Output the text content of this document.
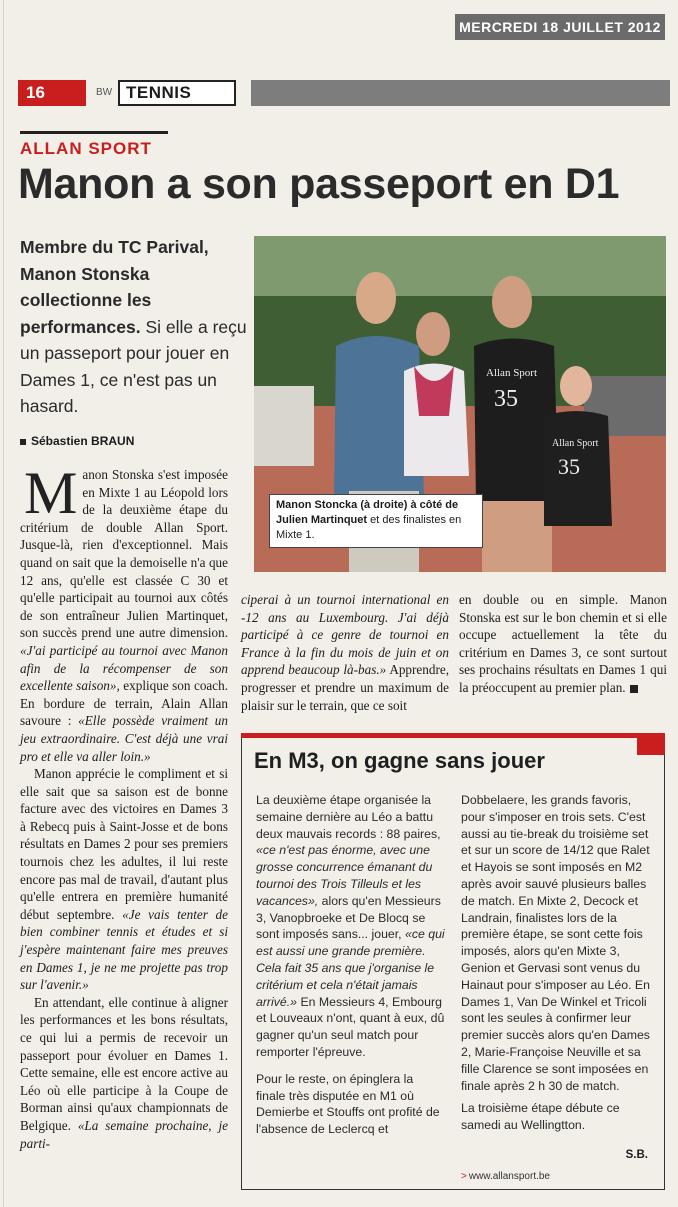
MERCREDI 18 JUILLET 2012
16	BW TENNIS
ALLAN SPORT
Manon a son passeport en D1
Membre du TC Parival, Manon Stonska collectionne les performances. Si elle a reçu un passeport pour jouer en Dames 1, ce n'est pas un hasard.
Sébastien BRAUN
Allan Sport
35
Allan Sport
35
Manon Stoncka (à droite) à côté de Julien Martinquet et des finalistes en Mixte 1.

Manon Stonska s'est imposée en Mixte 1 au Léopold lors de la deuxième étape du critérium de double Allan Sport. Jusque-là, rien d'exceptionnel. Mais quand on sait que la demoiselle n'a que 12 ans, qu'elle est classée C 30 et qu'elle participait au tournoi aux côtés de son entraîneur Julien Martinquet, son succès prend une autre dimension. «J'ai participé au tournoi avec Manon afin de la récompenser de son excellente saison», explique son coach. En bordure de terrain, Alain Allan savoure : «Elle possède vraiment un jeu extraordinaire. C'est déjà une vrai pro et elle va aller loin.»

Manon apprécie le compliment et si elle sait que sa saison est de bonne facture avec des victoires en Dames 3 à Rebecq puis à Saint-Josse et de bons résultats en Dames 2 pour ses premiers tournois chez les adultes, il lui reste encore pas mal de travail, d'autant plus qu'elle entrera en première humanité début septembre. «Je vais tenter de bien combiner tennis et études et si j'espère maintenant faire mes preuves en Dames 1, je ne me projette pas trop sur l'avenir.»

En attendant, elle continue à aligner les performances et les bons résultats, ce qui lui a permis de recevoir un passeport pour évoluer en Dames 1. Cette semaine, elle est encore active au Léo où elle participe à la Coupe de Borman ainsi qu'aux championnats de Belgique. «La semaine prochaine, je parti-

ciperai à un tournoi international en -12 ans au Luxembourg. J'ai déjà participé à ce genre de tournoi en France à la fin du mois de juin et on apprend beaucoup là-bas.» Apprendre, progresser et prendre un maximum de plaisir sur le terrain, que ce soit

en double ou en simple. Manon Stonska est sur le bon chemin et si elle occupe actuellement la tête du critérium en Dames 3, ce sont surtout ses prochains résultats en Dames 1 qui la préoccupent au premier plan.

En M3, on gagne sans jouer

La deuxième étape organisée la semaine dernière au Léo a battu deux mauvais records : 88 paires, «ce n'est pas énorme, avec une grosse concurrence émanant du tournoi des Trois Tilleuls et les vacances», alors qu'en Messieurs 3, Vanopbroeke et De Blocq se sont imposés sans... jouer, «ce qui est aussi une grande première. Cela fait 35 ans que j'organise le critérium et cela n'était jamais arrivé.» En Messieurs 4, Embourg et Louveaux n'ont, quant à eux, dû gagner qu'un seul match pour remporter l'épreuve.

Pour le reste, on épinglera la finale très disputée en M1 où Demierbe et Stouffs ont profité de l'absence de Leclercq et

Dobbelaere, les grands favoris, pour s'imposer en trois sets. C'est aussi au tie-break du troisième set et sur un score de 14/12 que Ralet et Hayois se sont imposés en M2 après avoir sauvé plusieurs balles de match. En Mixte 2, Decock et Landrain, finalistes lors de la première étape, se sont cette fois imposés, alors qu'en Mixte 3, Genion et Gervasi sont venus du Hainaut pour s'imposer au Léo. En Dames 1, Van De Winkel et Tricoli sont les seules à confirmer leur premier succès alors qu'en Dames 2, Marie-Françoise Neuville et sa fille Clarence se sont imposées en finale après 2 h 30 de match.

La troisième étape débute ce samedi au Wellingtton.

S.B.
> www.allansport.be
